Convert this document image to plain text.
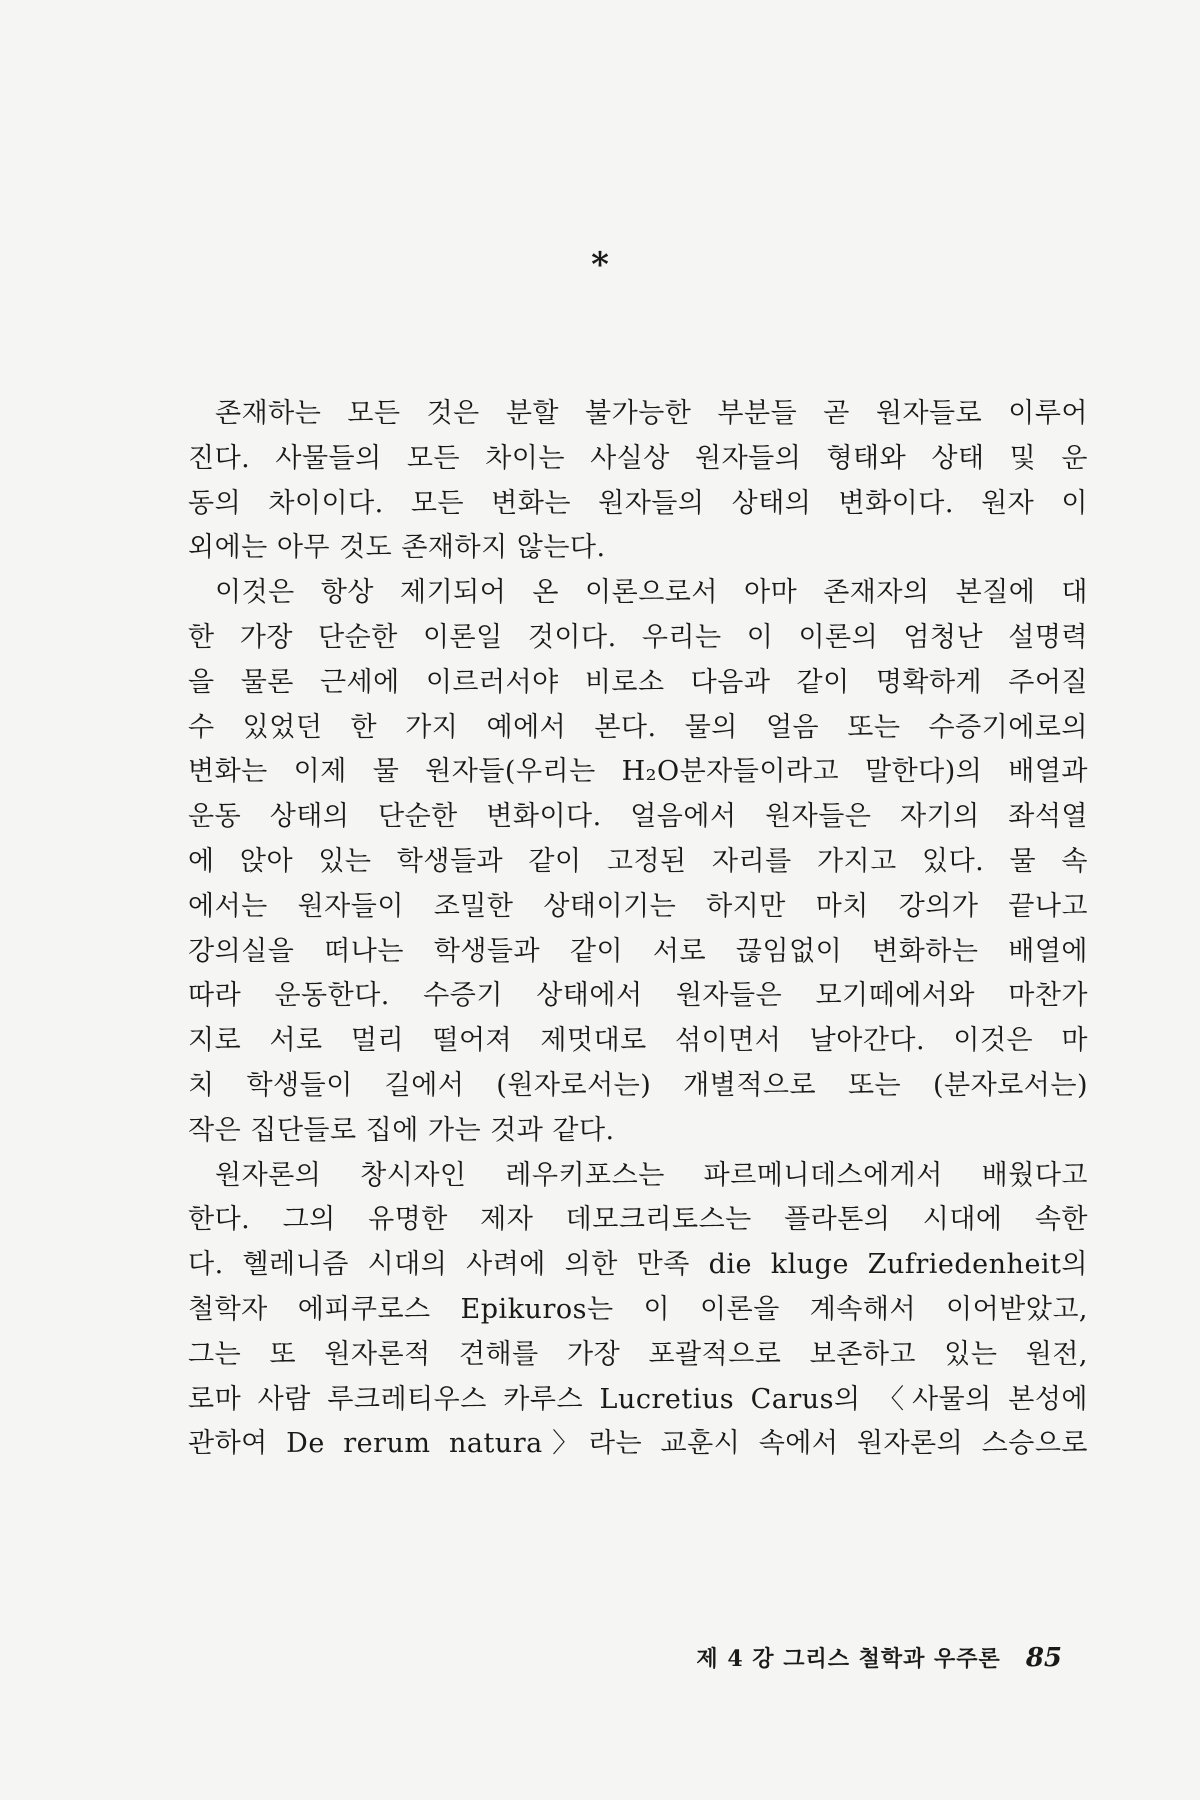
*
존재하는 모든 것은 분할 불가능한 부분들 곧 원자들로 이루어
진다. 사물들의 모든 차이는 사실상 원자들의 형태와 상태 및 운
동의 차이이다. 모든 변화는 원자들의 상태의 변화이다. 원자 이
외에는 아무 것도 존재하지 않는다.
이것은 항상 제기되어 온 이론으로서 아마 존재자의 본질에 대
한 가장 단순한 이론일 것이다. 우리는 이 이론의 엄청난 설명력
을 물론 근세에 이르러서야 비로소 다음과 같이 명확하게 주어질
수 있었던 한 가지 예에서 본다. 물의 얼음 또는 수증기에로의
변화는 이제 물 원자들(우리는 H₂O분자들이라고 말한다)의 배열과
운동 상태의 단순한 변화이다. 얼음에서 원자들은 자기의 좌석열
에 앉아 있는 학생들과 같이 고정된 자리를 가지고 있다. 물 속
에서는 원자들이 조밀한 상태이기는 하지만 마치 강의가 끝나고
강의실을 떠나는 학생들과 같이 서로 끊임없이 변화하는 배열에
따라 운동한다. 수증기 상태에서 원자들은 모기떼에서와 마찬가
지로 서로 멀리 떨어져 제멋대로 섞이면서 날아간다. 이것은 마
치 학생들이 길에서 (원자로서는) 개별적으로 또는 (분자로서는)
작은 집단들로 집에 가는 것과 같다.
원자론의 창시자인 레우키포스는 파르메니데스에게서 배웠다고
한다. 그의 유명한 제자 데모크리토스는 플라톤의 시대에 속한
다. 헬레니즘 시대의 사려에 의한 만족 die kluge Zufriedenheit의
철학자 에피쿠로스 Epikuros는 이 이론을 계속해서 이어받았고,
그는 또 원자론적 견해를 가장 포괄적으로 보존하고 있는 원전,
로마 사람 루크레티우스 카루스 Lucretius Carus의 〈사물의 본성에
관하여 De rerum natura〉라는 교훈시 속에서 원자론의 스승으로
제 4 강 그리스 철학과 우주론 85
